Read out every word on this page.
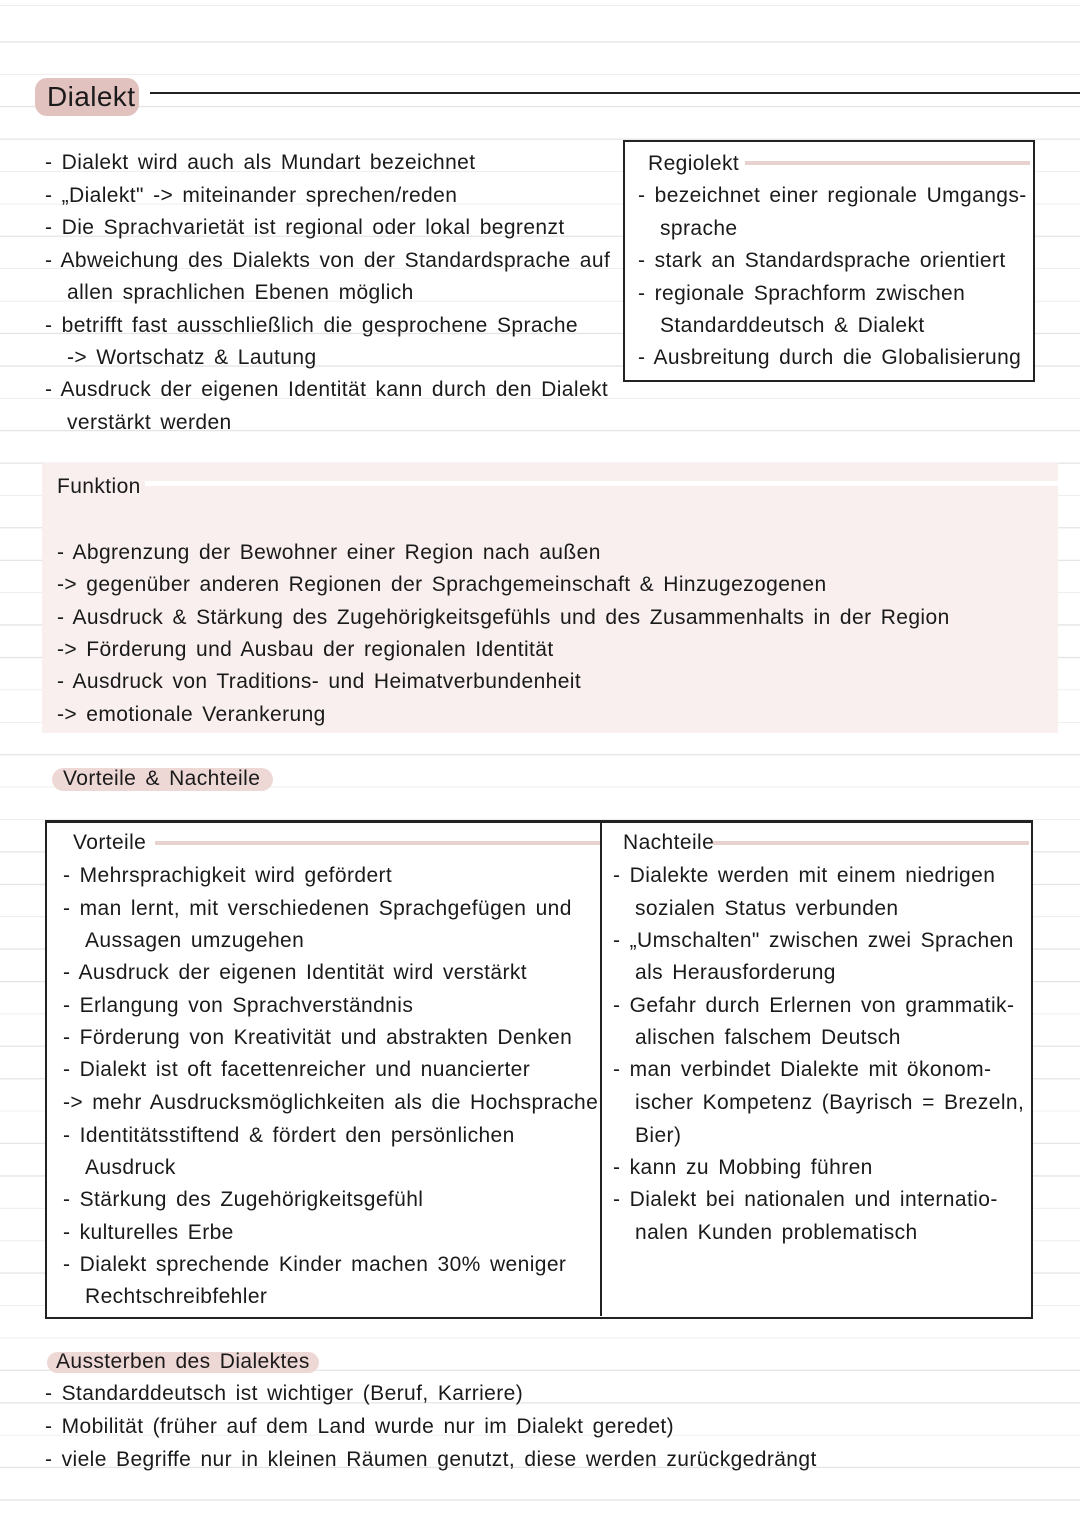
Dialekt
- Dialekt wird auch als Mundart bezeichnet
- „Dialekt" -> miteinander sprechen/reden
- Die Sprachvarietät ist regional oder lokal begrenzt
- Abweichung des Dialekts von der Standardsprache auf
allen sprachlichen Ebenen möglich
- betrifft fast ausschließlich die gesprochene Sprache
-> Wortschatz & Lautung
- Ausdruck der eigenen Identität kann durch den Dialekt
verstärkt werden
Regiolekt
- bezeichnet einer regionale Umgangs-
sprache
- stark an Standardsprache orientiert
- regionale Sprachform zwischen
Standarddeutsch & Dialekt
- Ausbreitung durch die Globalisierung
Funktion
- Abgrenzung der Bewohner einer Region nach außen
-> gegenüber anderen Regionen der Sprachgemeinschaft & Hinzugezogenen
- Ausdruck & Stärkung des Zugehörigkeitsgefühls und des Zusammenhalts in der Region
-> Förderung und Ausbau der regionalen Identität
- Ausdruck von Traditions- und Heimatverbundenheit
-> emotionale Verankerung
Vorteile & Nachteile
Vorteile
- Mehrsprachigkeit wird gefördert
- man lernt, mit verschiedenen Sprachgefügen und
Aussagen umzugehen
- Ausdruck der eigenen Identität wird verstärkt
- Erlangung von Sprachverständnis
- Förderung von Kreativität und abstrakten Denken
- Dialekt ist oft facettenreicher und nuancierter
-> mehr Ausdrucksmöglichkeiten als die Hochsprache
- Identitätsstiftend & fördert den persönlichen
Ausdruck
- Stärkung des Zugehörigkeitsgefühl
- kulturelles Erbe
- Dialekt sprechende Kinder machen 30% weniger
Rechtschreibfehler
Nachteile
- Dialekte werden mit einem niedrigen
sozialen Status verbunden
- „Umschalten" zwischen zwei Sprachen
als Herausforderung
- Gefahr durch Erlernen von grammatik-
alischen falschem Deutsch
- man verbindet Dialekte mit ökonom-
ischer Kompetenz (Bayrisch = Brezeln,
Bier)
- kann zu Mobbing führen
- Dialekt bei nationalen und internatio-
nalen Kunden problematisch
Aussterben des Dialektes
- Standarddeutsch ist wichtiger (Beruf, Karriere)
- Mobilität (früher auf dem Land wurde nur im Dialekt geredet)
- viele Begriffe nur in kleinen Räumen genutzt, diese werden zurückgedrängt
